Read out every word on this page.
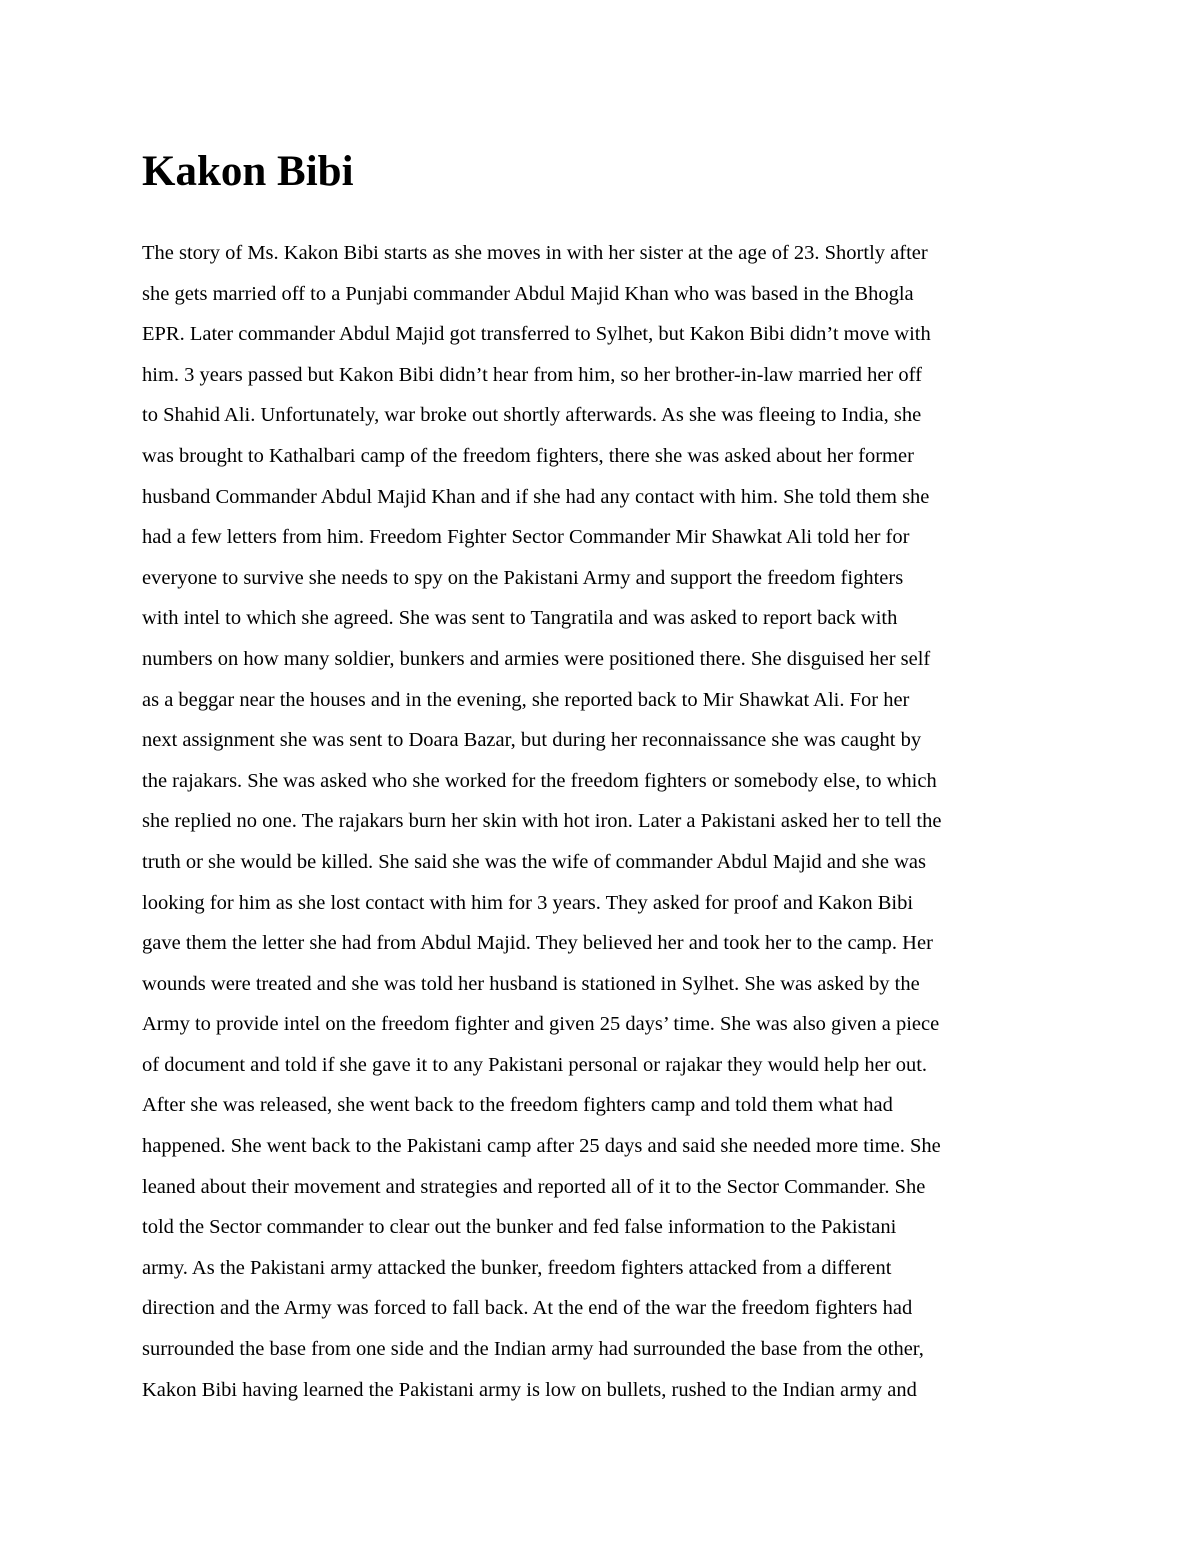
Kakon Bibi
The story of Ms. Kakon Bibi starts as she moves in with her sister at the age of 23. Shortly after
she gets married off to a Punjabi commander Abdul Majid Khan who was based in the Bhogla
EPR. Later commander Abdul Majid got transferred to Sylhet, but Kakon Bibi didn’t move with
him. 3 years passed but Kakon Bibi didn’t hear from him, so her brother-in-law married her off
to Shahid Ali. Unfortunately, war broke out shortly afterwards. As she was fleeing to India, she
was brought to Kathalbari camp of the freedom fighters, there she was asked about her former
husband Commander Abdul Majid Khan and if she had any contact with him. She told them she
had a few letters from him. Freedom Fighter Sector Commander Mir Shawkat Ali told her for
everyone to survive she needs to spy on the Pakistani Army and support the freedom fighters
with intel to which she agreed. She was sent to Tangratila and was asked to report back with
numbers on how many soldier, bunkers and armies were positioned there. She disguised her self
as a beggar near the houses and in the evening, she reported back to Mir Shawkat Ali. For her
next assignment she was sent to Doara Bazar, but during her reconnaissance she was caught by
the rajakars. She was asked who she worked for the freedom fighters or somebody else, to which
she replied no one. The rajakars burn her skin with hot iron. Later a Pakistani asked her to tell the
truth or she would be killed. She said she was the wife of commander Abdul Majid and she was
looking for him as she lost contact with him for 3 years. They asked for proof and Kakon Bibi
gave them the letter she had from Abdul Majid. They believed her and took her to the camp. Her
wounds were treated and she was told her husband is stationed in Sylhet. She was asked by the
Army to provide intel on the freedom fighter and given 25 days’ time. She was also given a piece
of document and told if she gave it to any Pakistani personal or rajakar they would help her out.
After she was released, she went back to the freedom fighters camp and told them what had
happened. She went back to the Pakistani camp after 25 days and said she needed more time. She
leaned about their movement and strategies and reported all of it to the Sector Commander. She
told the Sector commander to clear out the bunker and fed false information to the Pakistani
army. As the Pakistani army attacked the bunker, freedom fighters attacked from a different
direction and the Army was forced to fall back. At the end of the war the freedom fighters had
surrounded the base from one side and the Indian army had surrounded the base from the other,
Kakon Bibi having learned the Pakistani army is low on bullets, rushed to the Indian army and
